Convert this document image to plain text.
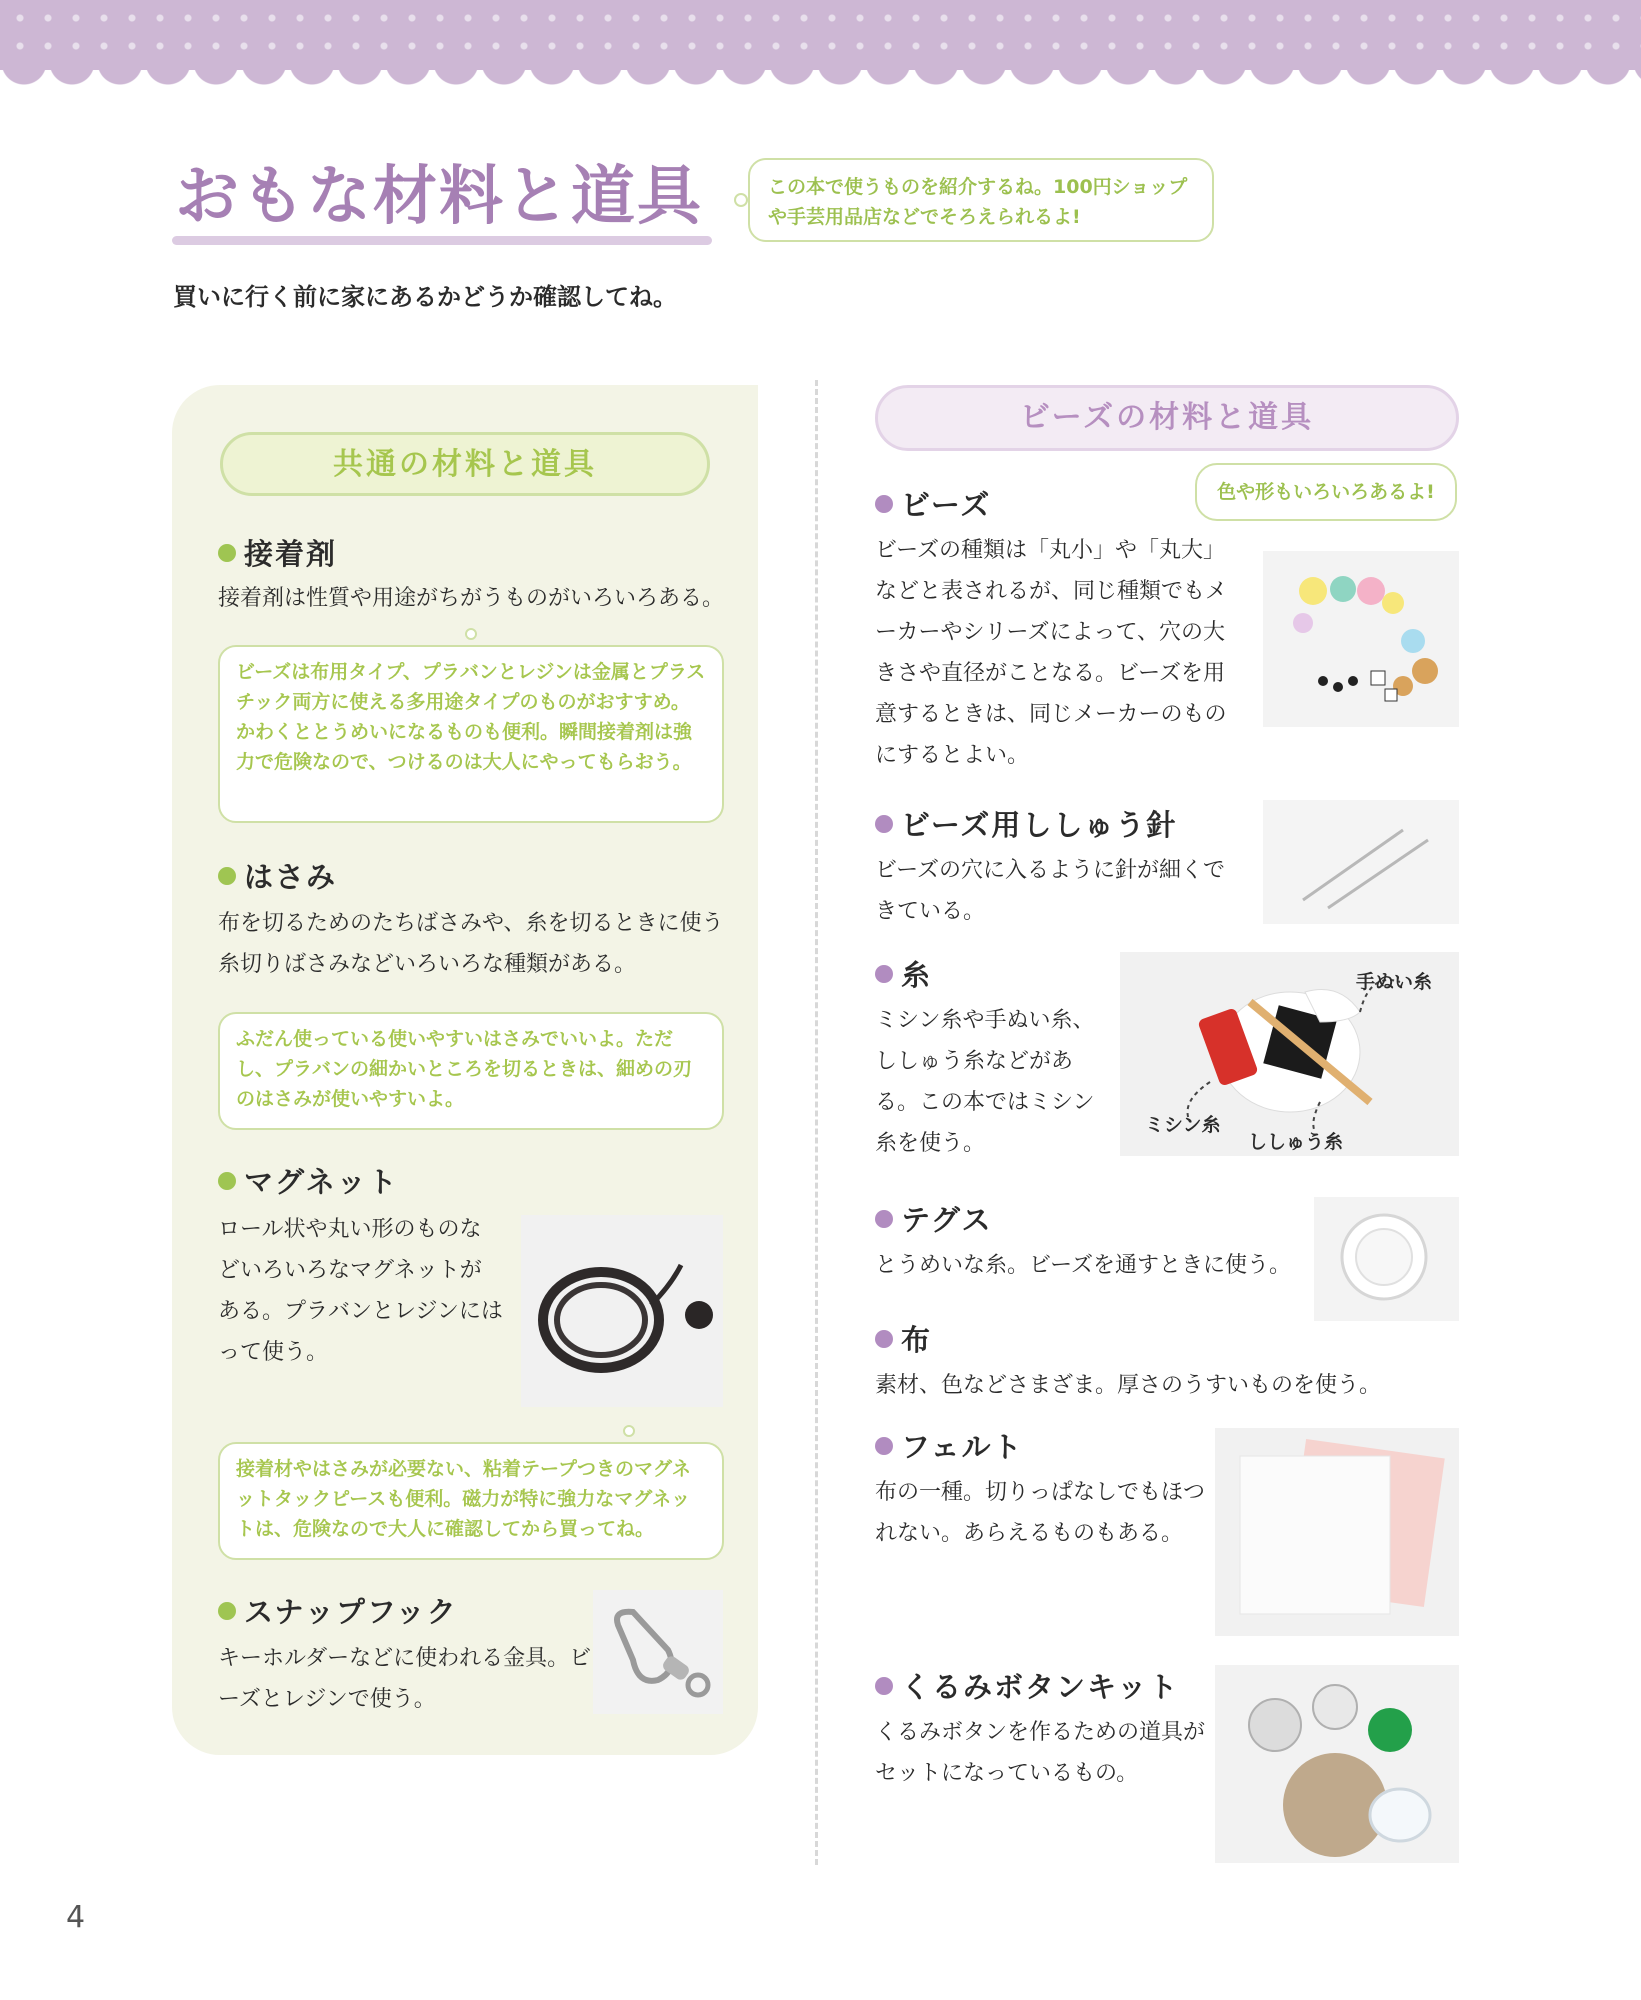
おもな材料と道具	この本で使うものを紹介するね。100円ショップや手芸用品店などでそろえられるよ!

買いに行く前に家にあるかどうか確認してね。

共通の材料と道具
接着剤

接着剤は性質や用途がちがうものがいろいろある。

ビーズは布用タイプ、プラバンとレジンは金属とプラスチック両方に使える多用途タイプのものがおすすめ。かわくととうめいになるものも便利。瞬間接着剤は強力で危険なので、つけるのは大人にやってもらおう。
はさみ

布を切るためのたちばさみや、糸を切るときに使う糸切りばさみなどいろいろな種類がある。

ふだん使っている使いやすいはさみでいいよ。ただし、プラバンの細かいところを切るときは、細めの刃のはさみが使いやすいよ。
マグネット

ロール状や丸い形のものなどいろいろなマグネットがある。プラバンとレジンにはって使う。

接着材やはさみが必要ない、粘着テープつきのマグネットタックピースも便利。磁力が特に強力なマグネットは、危険なので大人に確認してから買ってね。
スナップフック

キーホルダーなどに使われる金具。ビーズとレジンで使う。

ビーズの材料と道具
色や形もいろいろあるよ!
ビーズ

ビーズの種類は「丸小」や「丸大」などと表されるが、同じ種類でもメーカーやシリーズによって、穴の大きさや直径がことなる。ビーズを用意するときは、同じメーカーのものにするとよい。

ビーズ用ししゅう針

ビーズの穴に入るように針が細くできている。

糸

ミシン糸や手ぬい糸、ししゅう糸などがある。この本ではミシン糸を使う。

手ぬい糸
ミシン糸
ししゅう糸
テグス

とうめいな糸。ビーズを通すときに使う。

布

素材、色などさまざま。厚さのうすいものを使う。

フェルト

布の一種。切りっぱなしでもほつれない。あらえるものもある。

くるみボタンキット

くるみボタンを作るための道具がセットになっているもの。

4
